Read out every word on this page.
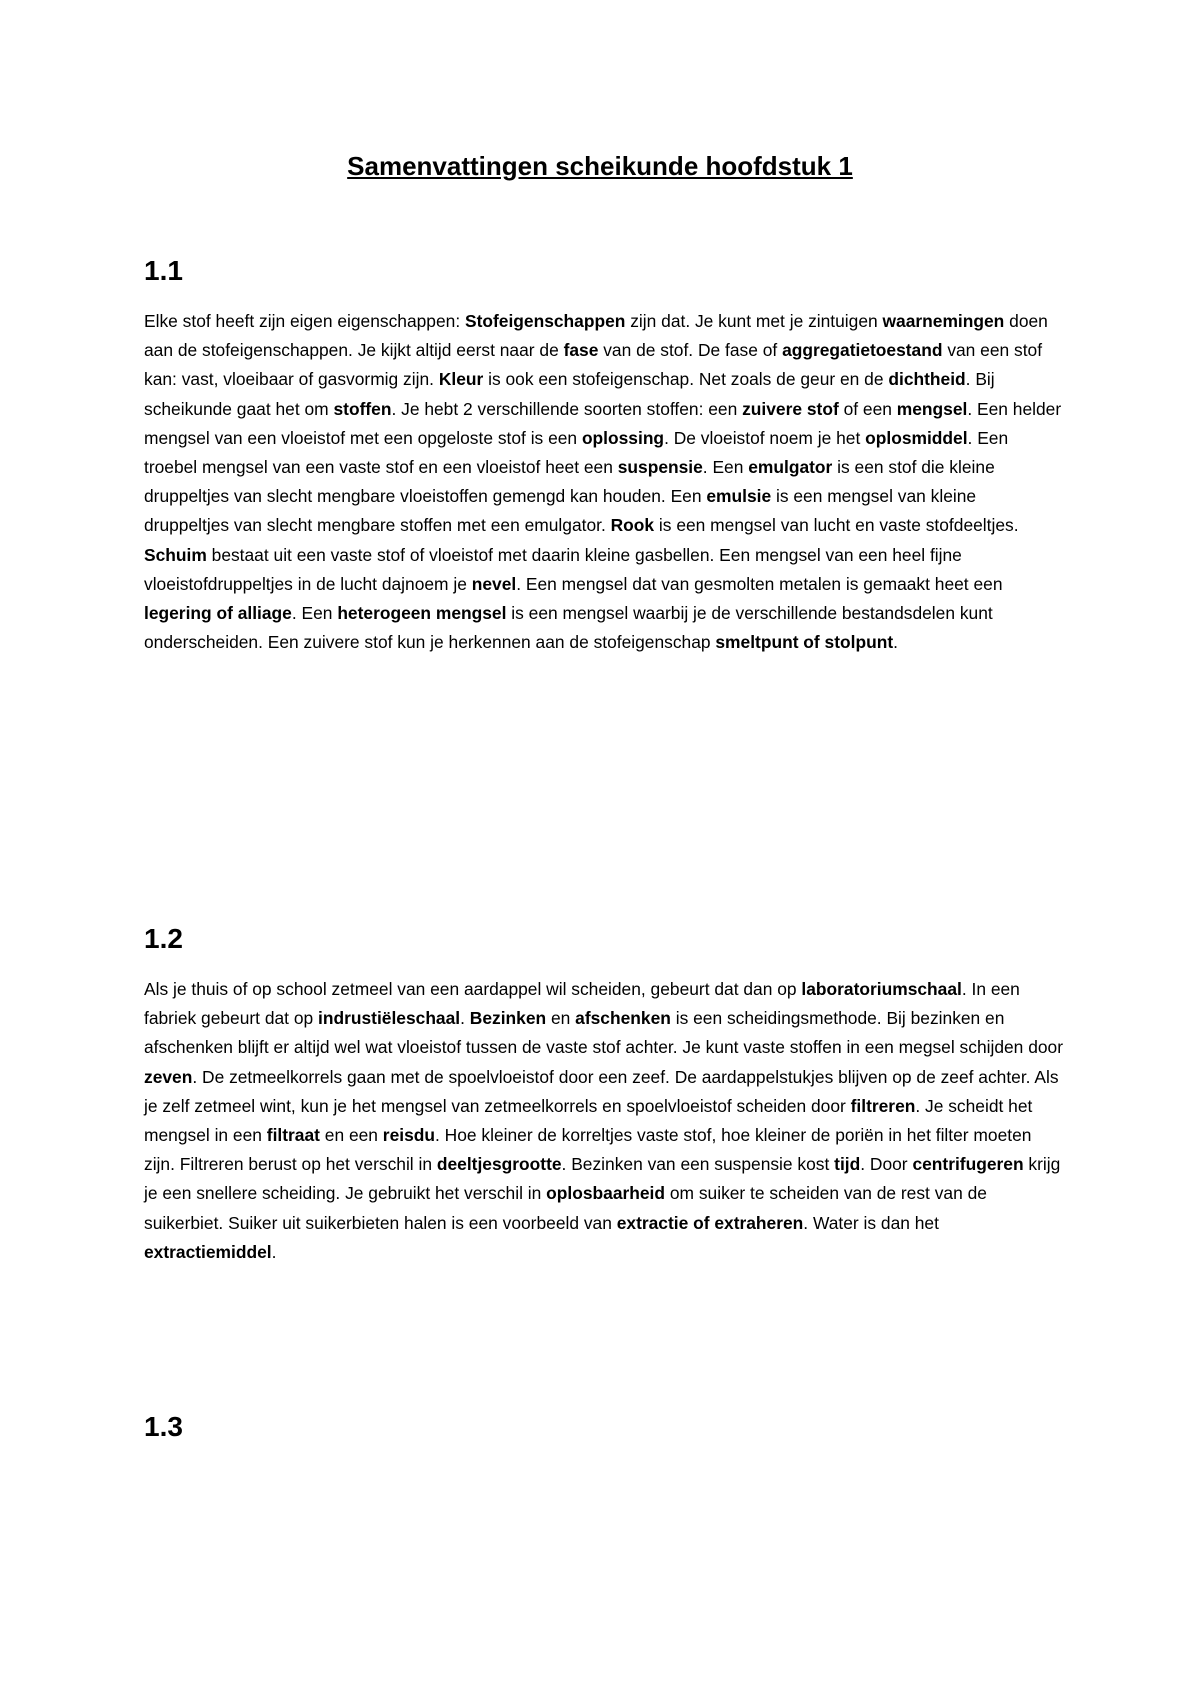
Samenvattingen scheikunde hoofdstuk 1
1.1

Elke stof heeft zijn eigen eigenschappen: Stofeigenschappen zijn dat. Je kunt met je zintuigen waarnemingen doen aan de stofeigenschappen. Je kijkt altijd eerst naar de fase van de stof. De fase of aggregatietoestand van een stof kan: vast, vloeibaar of gasvormig zijn. Kleur is ook een stofeigenschap. Net zoals de geur en de dichtheid. Bij scheikunde gaat het om stoffen. Je hebt 2 verschillende soorten stoffen: een zuivere stof of een mengsel. Een helder mengsel van een vloeistof met een opgeloste stof is een oplossing. De vloeistof noem je het oplosmiddel. Een troebel mengsel van een vaste stof en een vloeistof heet een suspensie. Een emulgator is een stof die kleine druppeltjes van slecht mengbare vloeistoffen gemengd kan houden. Een emulsie is een mengsel van kleine druppeltjes van slecht mengbare stoffen met een emulgator. Rook is een mengsel van lucht en vaste stofdeeltjes. Schuim bestaat uit een vaste stof of vloeistof met daarin kleine gasbellen. Een mengsel van een heel fijne vloeistofdruppeltjes in de lucht dajnoem je nevel. Een mengsel dat van gesmolten metalen is gemaakt heet een legering of alliage. Een heterogeen mengsel is een mengsel waarbij je de verschillende bestandsdelen kunt onderscheiden. Een zuivere stof kun je herkennen aan de stofeigenschap smeltpunt of stolpunt.

1.2

Als je thuis of op school zetmeel van een aardappel wil scheiden, gebeurt dat dan op laboratoriumschaal. In een fabriek gebeurt dat op indrustiëleschaal. Bezinken en afschenken is een scheidingsmethode. Bij bezinken en afschenken blijft er altijd wel wat vloeistof tussen de vaste stof achter. Je kunt vaste stoffen in een megsel schijden door zeven. De zetmeelkorrels gaan met de spoelvloeistof door een zeef. De aardappelstukjes blijven op de zeef achter. Als je zelf zetmeel wint, kun je het mengsel van zetmeelkorrels en spoelvloeistof scheiden door filtreren. Je scheidt het mengsel in een filtraat en een reisdu. Hoe kleiner de korreltjes vaste stof, hoe kleiner de poriën in het filter moeten zijn. Filtreren berust op het verschil in deeltjesgrootte. Bezinken van een suspensie kost tijd. Door centrifugeren krijg je een snellere scheiding. Je gebruikt het verschil in oplosbaarheid om suiker te scheiden van de rest van de suikerbiet. Suiker uit suikerbieten halen is een voorbeeld van extractie of extraheren. Water is dan het extractiemiddel.

1.3
